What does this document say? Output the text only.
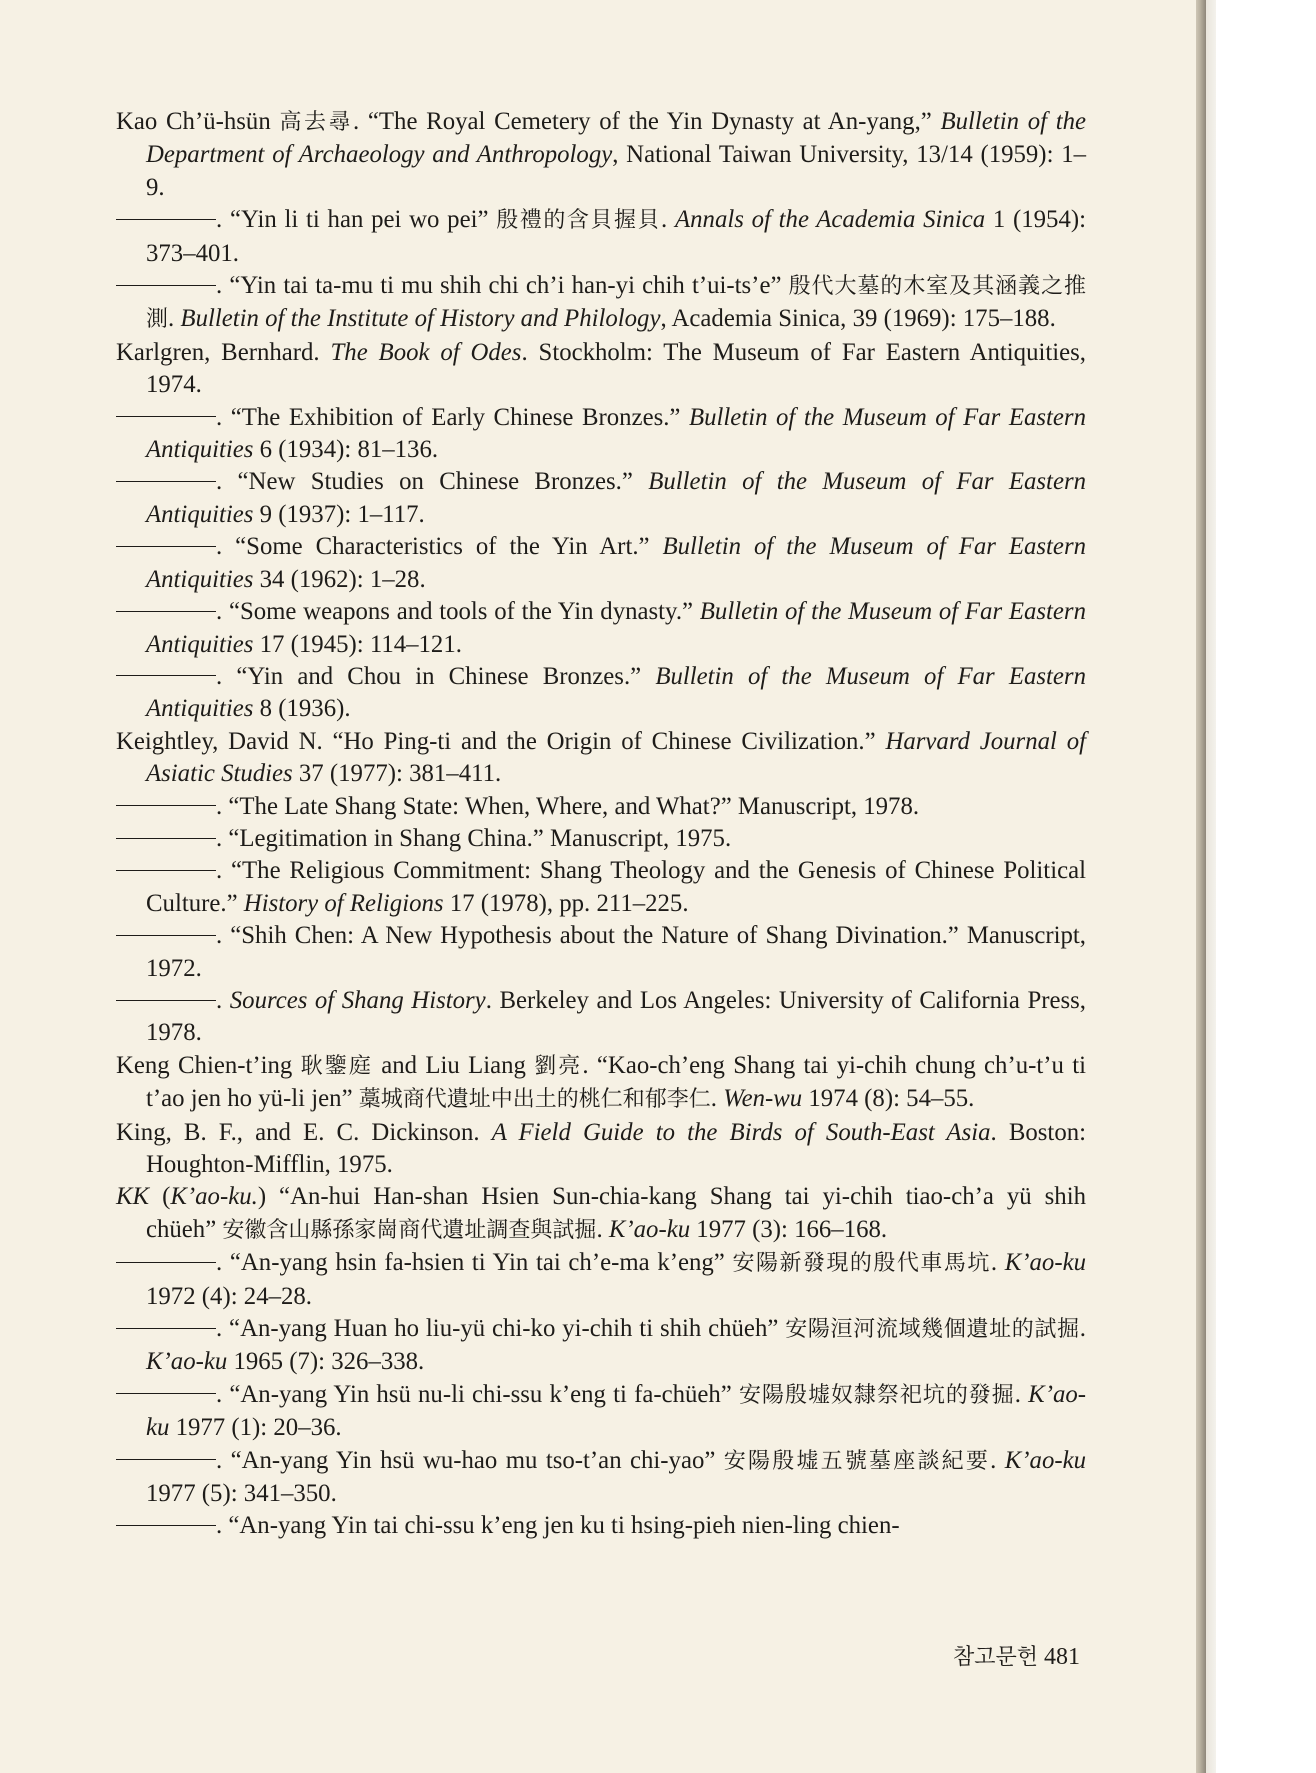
Kao Ch’ü-hsün 高去尋. “The Royal Cemetery of the Yin Dynasty at An-yang,” Bulletin of the Department of Archaeology and Anthropology, National Taiwan University, 13/14 (1959): 1–9.
. “Yin li ti han pei wo pei” 殷禮的含貝握貝. Annals of the Academia Sinica 1 (1954): 373–401.
. “Yin tai ta-mu ti mu shih chi ch’i han-yi chih t’ui-ts’e” 殷代大墓的木室及其涵義之推測. Bulletin of the Institute of History and Philology, Academia Sinica, 39 (1969): 175–188.
Karlgren, Bernhard. The Book of Odes. Stockholm: The Museum of Far Eastern Antiquities, 1974.
. “The Exhibition of Early Chinese Bronzes.” Bulletin of the Museum of Far Eastern Antiquities 6 (1934): 81–136.
. “New Studies on Chinese Bronzes.” Bulletin of the Museum of Far Eastern Antiquities 9 (1937): 1–117.
. “Some Characteristics of the Yin Art.” Bulletin of the Museum of Far Eastern Antiquities 34 (1962): 1–28.
. “Some weapons and tools of the Yin dynasty.” Bulletin of the Museum of Far Eastern Antiquities 17 (1945): 114–121.
. “Yin and Chou in Chinese Bronzes.” Bulletin of the Museum of Far Eastern Antiquities 8 (1936).
Keightley, David N. “Ho Ping-ti and the Origin of Chinese Civilization.” Harvard Journal of Asiatic Studies 37 (1977): 381–411.
. “The Late Shang State: When, Where, and What?” Manuscript, 1978.
. “Legitimation in Shang China.” Manuscript, 1975.
. “The Religious Commitment: Shang Theology and the Genesis of Chinese Political Culture.” History of Religions 17 (1978), pp. 211–225.
. “Shih Chen: A New Hypothesis about the Nature of Shang Divination.” Manuscript, 1972.
. Sources of Shang History. Berkeley and Los Angeles: University of California Press, 1978.
Keng Chien-t’ing 耿鑒庭 and Liu Liang 劉亮. “Kao-ch’eng Shang tai yi-chih chung ch’u-t’u ti t’ao jen ho yü-li jen” 藁城商代遺址中出土的桃仁和郁李仁. Wen-wu 1974 (8): 54–55.
King, B. F., and E. C. Dickinson. A Field Guide to the Birds of South-East Asia. Boston: Houghton-Mifflin, 1975.
KK (K’ao-ku.) “An-hui Han-shan Hsien Sun-chia-kang Shang tai yi-chih tiao-ch’a yü shih chüeh” 安徽含山縣孫家崗商代遺址調查與試掘. K’ao-ku 1977 (3): 166–168.
. “An-yang hsin fa-hsien ti Yin tai ch’e-ma k’eng” 安陽新發現的殷代車馬坑. K’ao-ku 1972 (4): 24–28.
. “An-yang Huan ho liu-yü chi-ko yi-chih ti shih chüeh” 安陽洹河流域幾個遺址的試掘. K’ao-ku 1965 (7): 326–338.
. “An-yang Yin hsü nu-li chi-ssu k’eng ti fa-chüeh” 安陽殷墟奴隸祭祀坑的發掘. K’ao-ku 1977 (1): 20–36.
. “An-yang Yin hsü wu-hao mu tso-t’an chi-yao” 安陽殷墟五號墓座談紀要. K’ao-ku 1977 (5): 341–350.
. “An-yang Yin tai chi-ssu k’eng jen ku ti hsing-pieh nien-ling chien-
참고문헌 481
